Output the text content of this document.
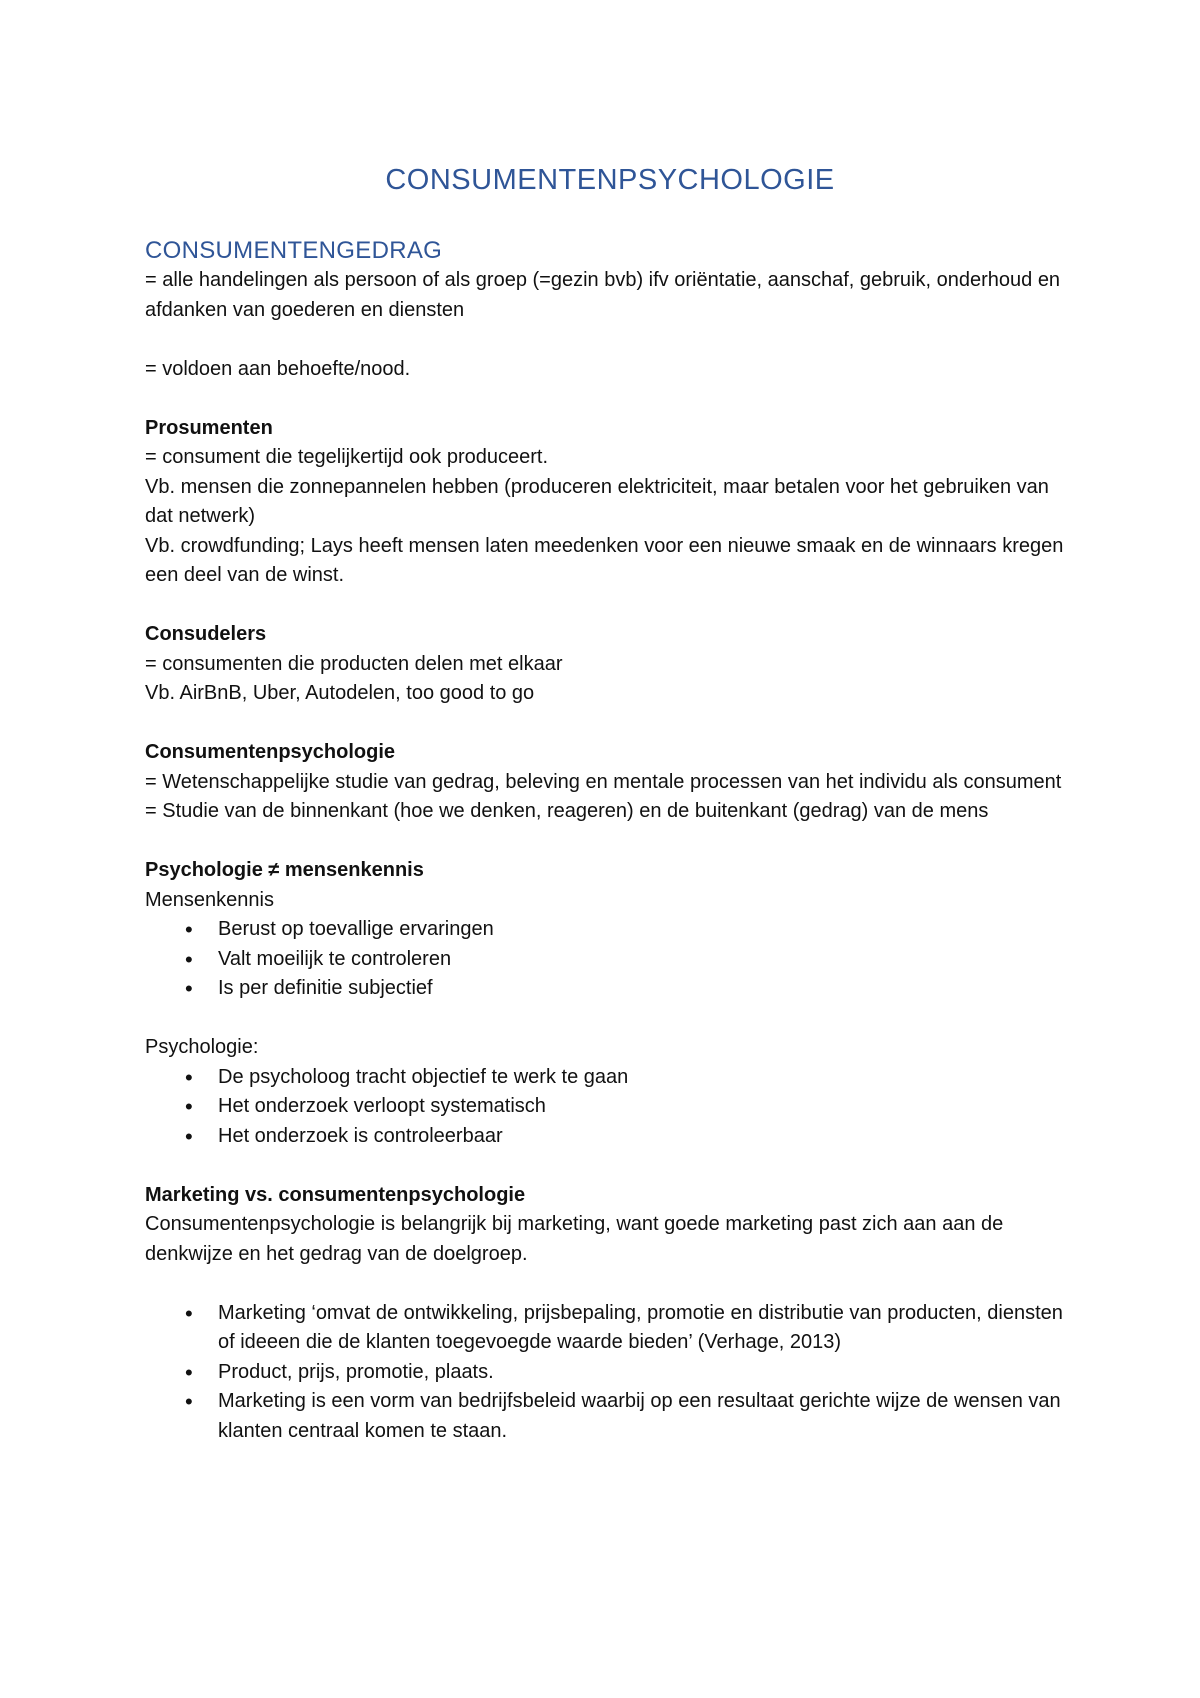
CONSUMENTENPSYCHOLOGIE
CONSUMENTENGEDRAG

= alle handelingen als persoon of als groep (=gezin bvb) ifv oriëntatie, aanschaf, gebruik, onderhoud en afdanken van goederen en diensten

= voldoen aan behoefte/nood.

Prosumenten

= consument die tegelijkertijd ook produceert.

Vb. mensen die zonnepannelen hebben (produceren elektriciteit, maar betalen voor het gebruiken van dat netwerk)

Vb. crowdfunding; Lays heeft mensen laten meedenken voor een nieuwe smaak en de winnaars kregen een deel van de winst.

Consudelers

= consumenten die producten delen met elkaar

Vb. AirBnB, Uber, Autodelen, too good to go

Consumentenpsychologie

= Wetenschappelijke studie van gedrag, beleving en mentale processen van het individu als consument

= Studie van de binnenkant (hoe we denken, reageren) en de buitenkant (gedrag) van de mens

Psychologie ≠ mensenkennis

Mensenkennis

• Berust op toevallige ervaringen
• Valt moeilijk te controleren
• Is per definitie subjectief

Psychologie:

• De psycholoog tracht objectief te werk te gaan
• Het onderzoek verloopt systematisch
• Het onderzoek is controleerbaar

Marketing vs. consumentenpsychologie

Consumentenpsychologie is belangrijk bij marketing, want goede marketing past zich aan aan de denkwijze en het gedrag van de doelgroep.

• Marketing ‘omvat de ontwikkeling, prijsbepaling, promotie en distributie van producten, diensten of ideeen die de klanten toegevoegde waarde bieden’ (Verhage, 2013)
• Product, prijs, promotie, plaats.
• Marketing is een vorm van bedrijfsbeleid waarbij op een resultaat gerichte wijze de wensen van klanten centraal komen te staan.
